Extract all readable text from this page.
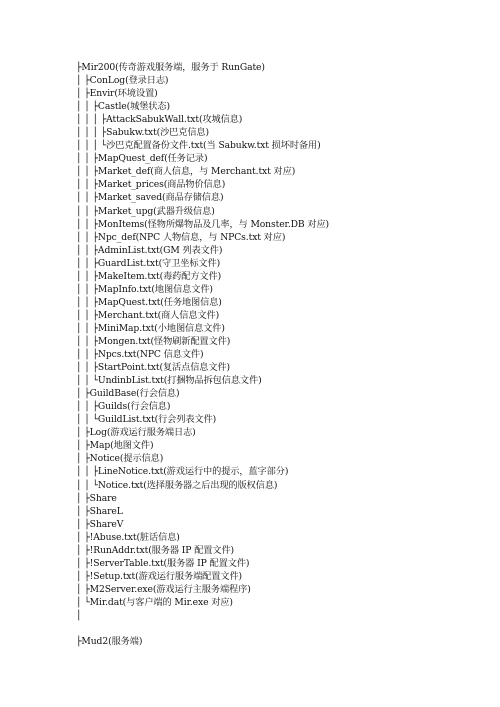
├Mir200(传奇游戏服务端，服务于 RunGate)
│ ├ConLog(登录日志)
│ ├Envir(环境设置)
│ │ ├Castle(城堡状态)
│ │ │ ├AttackSabukWall.txt(攻城信息)
│ │ │ ├Sabukw.txt(沙巴克信息)
│ │ │ └沙巴克配置备份文件.txt(当 Sabukw.txt 损坏时备用)
│ │ ├MapQuest_def(任务记录)
│ │ ├Market_def(商人信息，与 Merchant.txt 对应)
│ │ ├Market_prices(商品物价信息)
│ │ ├Market_saved(商品存储信息)
│ │ ├Market_upg(武器升级信息)
│ │ ├MonItems(怪物所爆物品及几率，与 Monster.DB 对应)
│ │ ├Npc_def(NPC 人物信息，与 NPCs.txt 对应)
│ │ ├AdminList.txt(GM 列表文件)
│ │ ├GuardList.txt(守卫坐标文件)
│ │ ├MakeItem.txt(毒药配方文件)
│ │ ├MapInfo.txt(地图信息文件)
│ │ ├MapQuest.txt(任务地图信息)
│ │ ├Merchant.txt(商人信息文件)
│ │ ├MiniMap.txt(小地图信息文件)
│ │ ├Mongen.txt(怪物刷新配置文件)
│ │ ├Npcs.txt(NPC 信息文件)
│ │ ├StartPoint.txt(复活点信息文件)
│ │ └UndinbList.txt(打捆物品拆包信息文件)
│ ├GuildBase(行会信息)
│ │ ├Guilds(行会信息)
│ │ └GuildList.txt(行会列表文件)
│ ├Log(游戏运行服务端日志)
│ ├Map(地图文件)
│ ├Notice(提示信息)
│ │ ├LineNotice.txt(游戏运行中的提示，蓝字部分)
│ │ └Notice.txt(选择服务器之后出现的版权信息)
│ ├Share
│ ├ShareL
│ ├ShareV
│ ├!Abuse.txt(脏话信息)
│ ├!RunAddr.txt(服务器 IP 配置文件)
│ ├!ServerTable.txt(服务器 IP 配置文件)
│ ├!Setup.txt(游戏运行服务端配置文件)
│ ├M2Server.exe(游戏运行主服务端程序)
│ └Mir.dat(与客户端的 Mir.exe 对应)
│
├Mud2(服务端)
